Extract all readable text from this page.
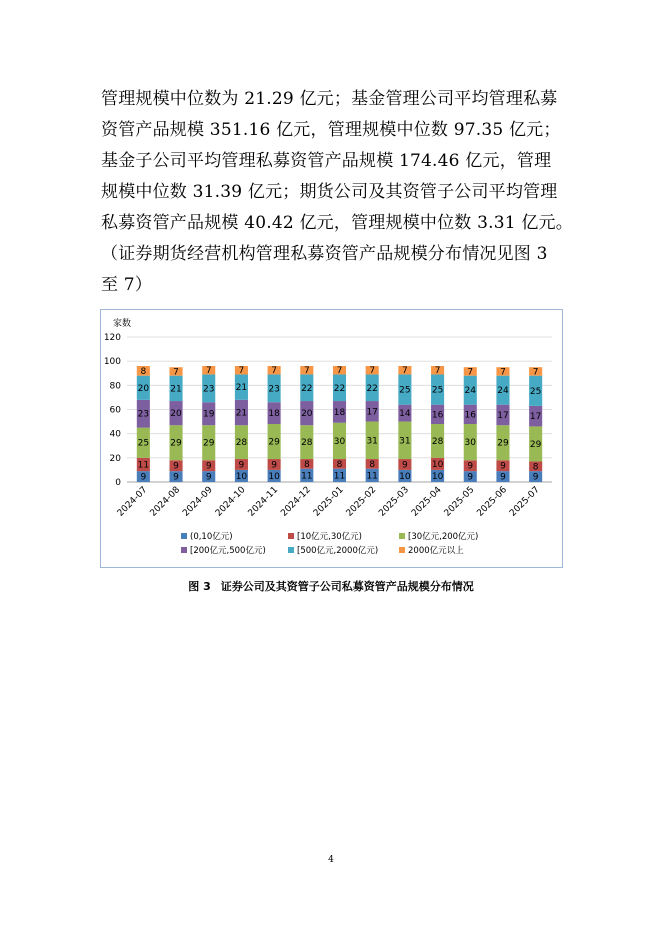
管理规模中位数为 21.29 亿元；基金管理公司平均管理私募
资管产品规模 351.16 亿元，管理规模中位数 97.35 亿元；
基金子公司平均管理私募资管产品规模 174.46 亿元，管理
规模中位数 31.39 亿元；期货公司及其资管子公司平均管理
私募资管产品规模 40.42 亿元，管理规模中位数 3.31 亿元。
（证券期货经营机构管理私募资管产品规模分布情况见图 3
至 7）
家数
0
20
40
60
80
100
120
9
11
25
23
20
8
9
9
29
20
21
7
9
9
29
19
23
7
10
9
28
21
21
7
10
9
29
18
23
7
11
8
28
20
22
7
11
8
30
18
22
7
11
8
31
17
22
7
10
9
31
14
25
7
10
10
28
16
25
7
9
9
30
16
24
7
9
9
29
17
24
7
9
8
29
17
25
7
2024-07 2024-08 2024-09 2024-10 2024-11 2024-12 2025-01 2025-02 2025-03 2025-04 2025-05 2025-06 2025-07
(0,10亿元)	[10亿元,30亿元)	[30亿元,200亿元)
[200亿元,500亿元)	[500亿元,2000亿元)	2000亿元以上
图 3 证券公司及其资管子公司私募资管产品规模分布情况
4
